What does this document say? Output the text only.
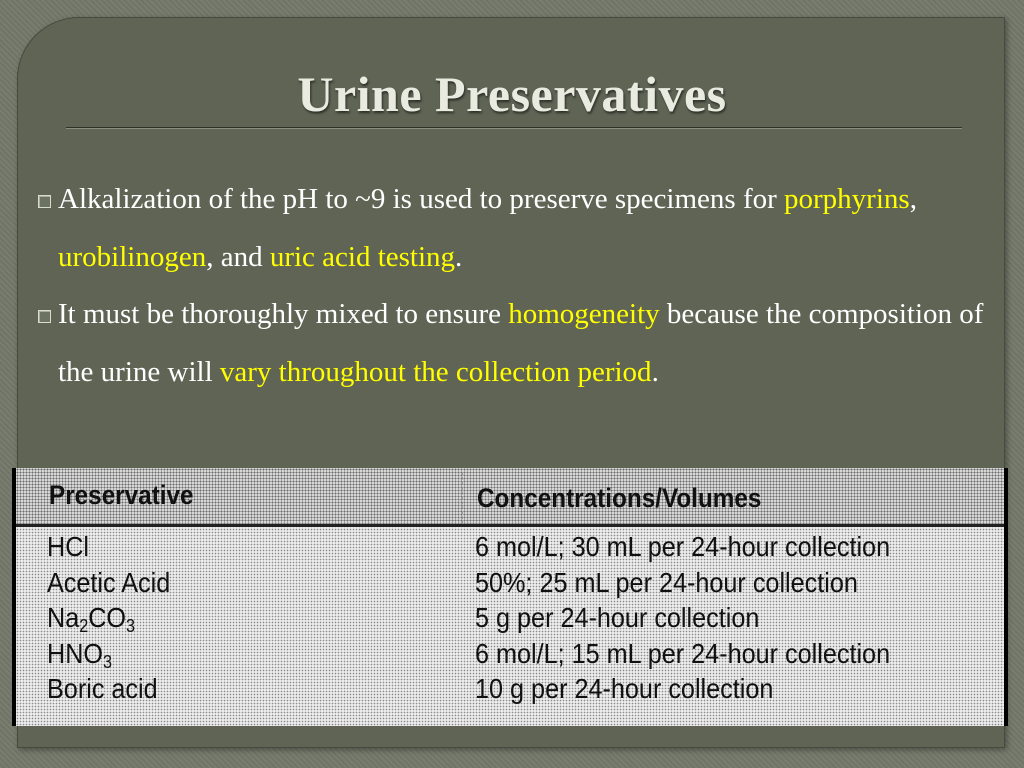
Urine Preservatives
Alkalization of the pH to ~9 is used to preserve specimens for porphyrins, urobilinogen, and uric acid testing.
It must be thoroughly mixed to ensure homogeneity because the composition of the urine will vary throughout the collection period.
Preservative	Concentrations/Volumes
HCl	6 mol/L; 30 mL per 24-hour collection
Acetic Acid	50%; 25 mL per 24-hour collection
$Na_2CO_3$	5 g per 24-hour collection
$HNO_3$	6 mol/L; 15 mL per 24-hour collection
Boric acid	10 g per 24-hour collection
